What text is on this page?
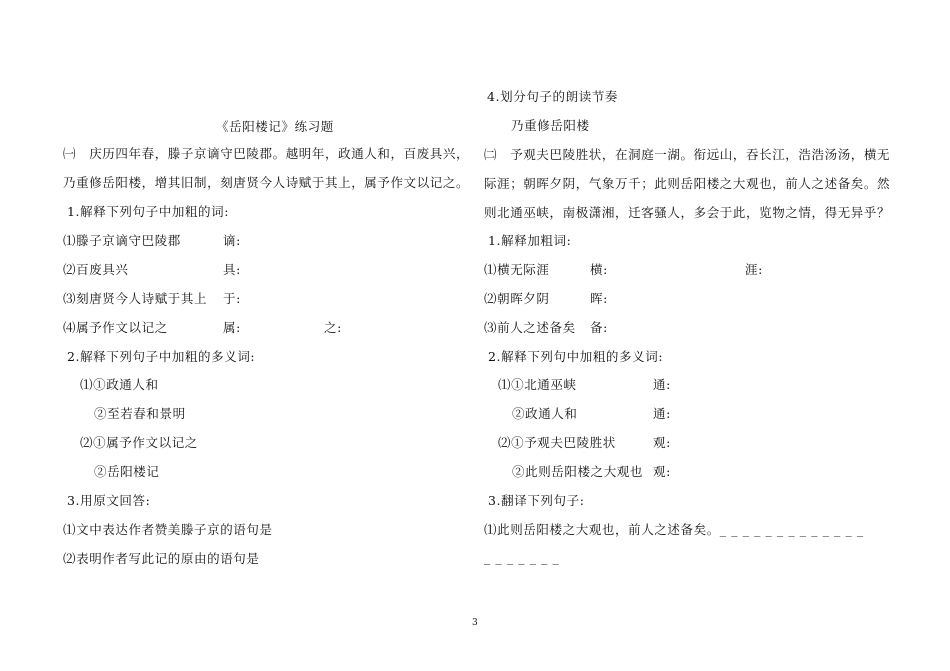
《岳阳楼记》练习题
㈠　庆历四年春，滕子京谪守巴陵郡。越明年，政通人和，百废具兴，
乃重修岳阳楼，增其旧制，刻唐贤今人诗赋于其上，属予作文以记之。
1.解释下列句子中加粗的词:
⑴滕子京谪守巴陵郡	谪:
⑵百废具兴	具:
⑶刻唐贤今人诗赋于其上 于:
⑷属予作文以记之	属:	之:
2.解释下列句子中加粗的多义词:
⑴①政通人和
②至若春和景明
⑵①属予作文以记之
②岳阳楼记
3.用原文回答:
⑴文中表达作者赞美滕子京的语句是
⑵表明作者写此记的原由的语句是
4.划分句子的朗读节奏
乃重修岳阳楼
㈡　予观夫巴陵胜状，在洞庭一湖。衔远山，吞长江，浩浩汤汤，横无
际涯；朝晖夕阴，气象万千；此则岳阳楼之大观也，前人之述备矣。然
则北通巫峡，南极潇湘，迁客骚人，多会于此，览物之情，得无异乎？
1.解释加粗词:
⑴横无际涯	横:	涯:
⑵朝晖夕阴	晖:
⑶前人之述备矣 备:
2.解释下列句中加粗的多义词:
⑴①北通巫峡	通:
②政通人和	通:
⑵①予观夫巴陵胜状	观:
②此则岳阳楼之大观也 观:
3.翻译下列句子:
⑴此则岳阳楼之大观也，前人之述备矣。_ _ _ _ _ _ _ _ _ _ _ _ _
_ _ _ _ _ _ _
3
